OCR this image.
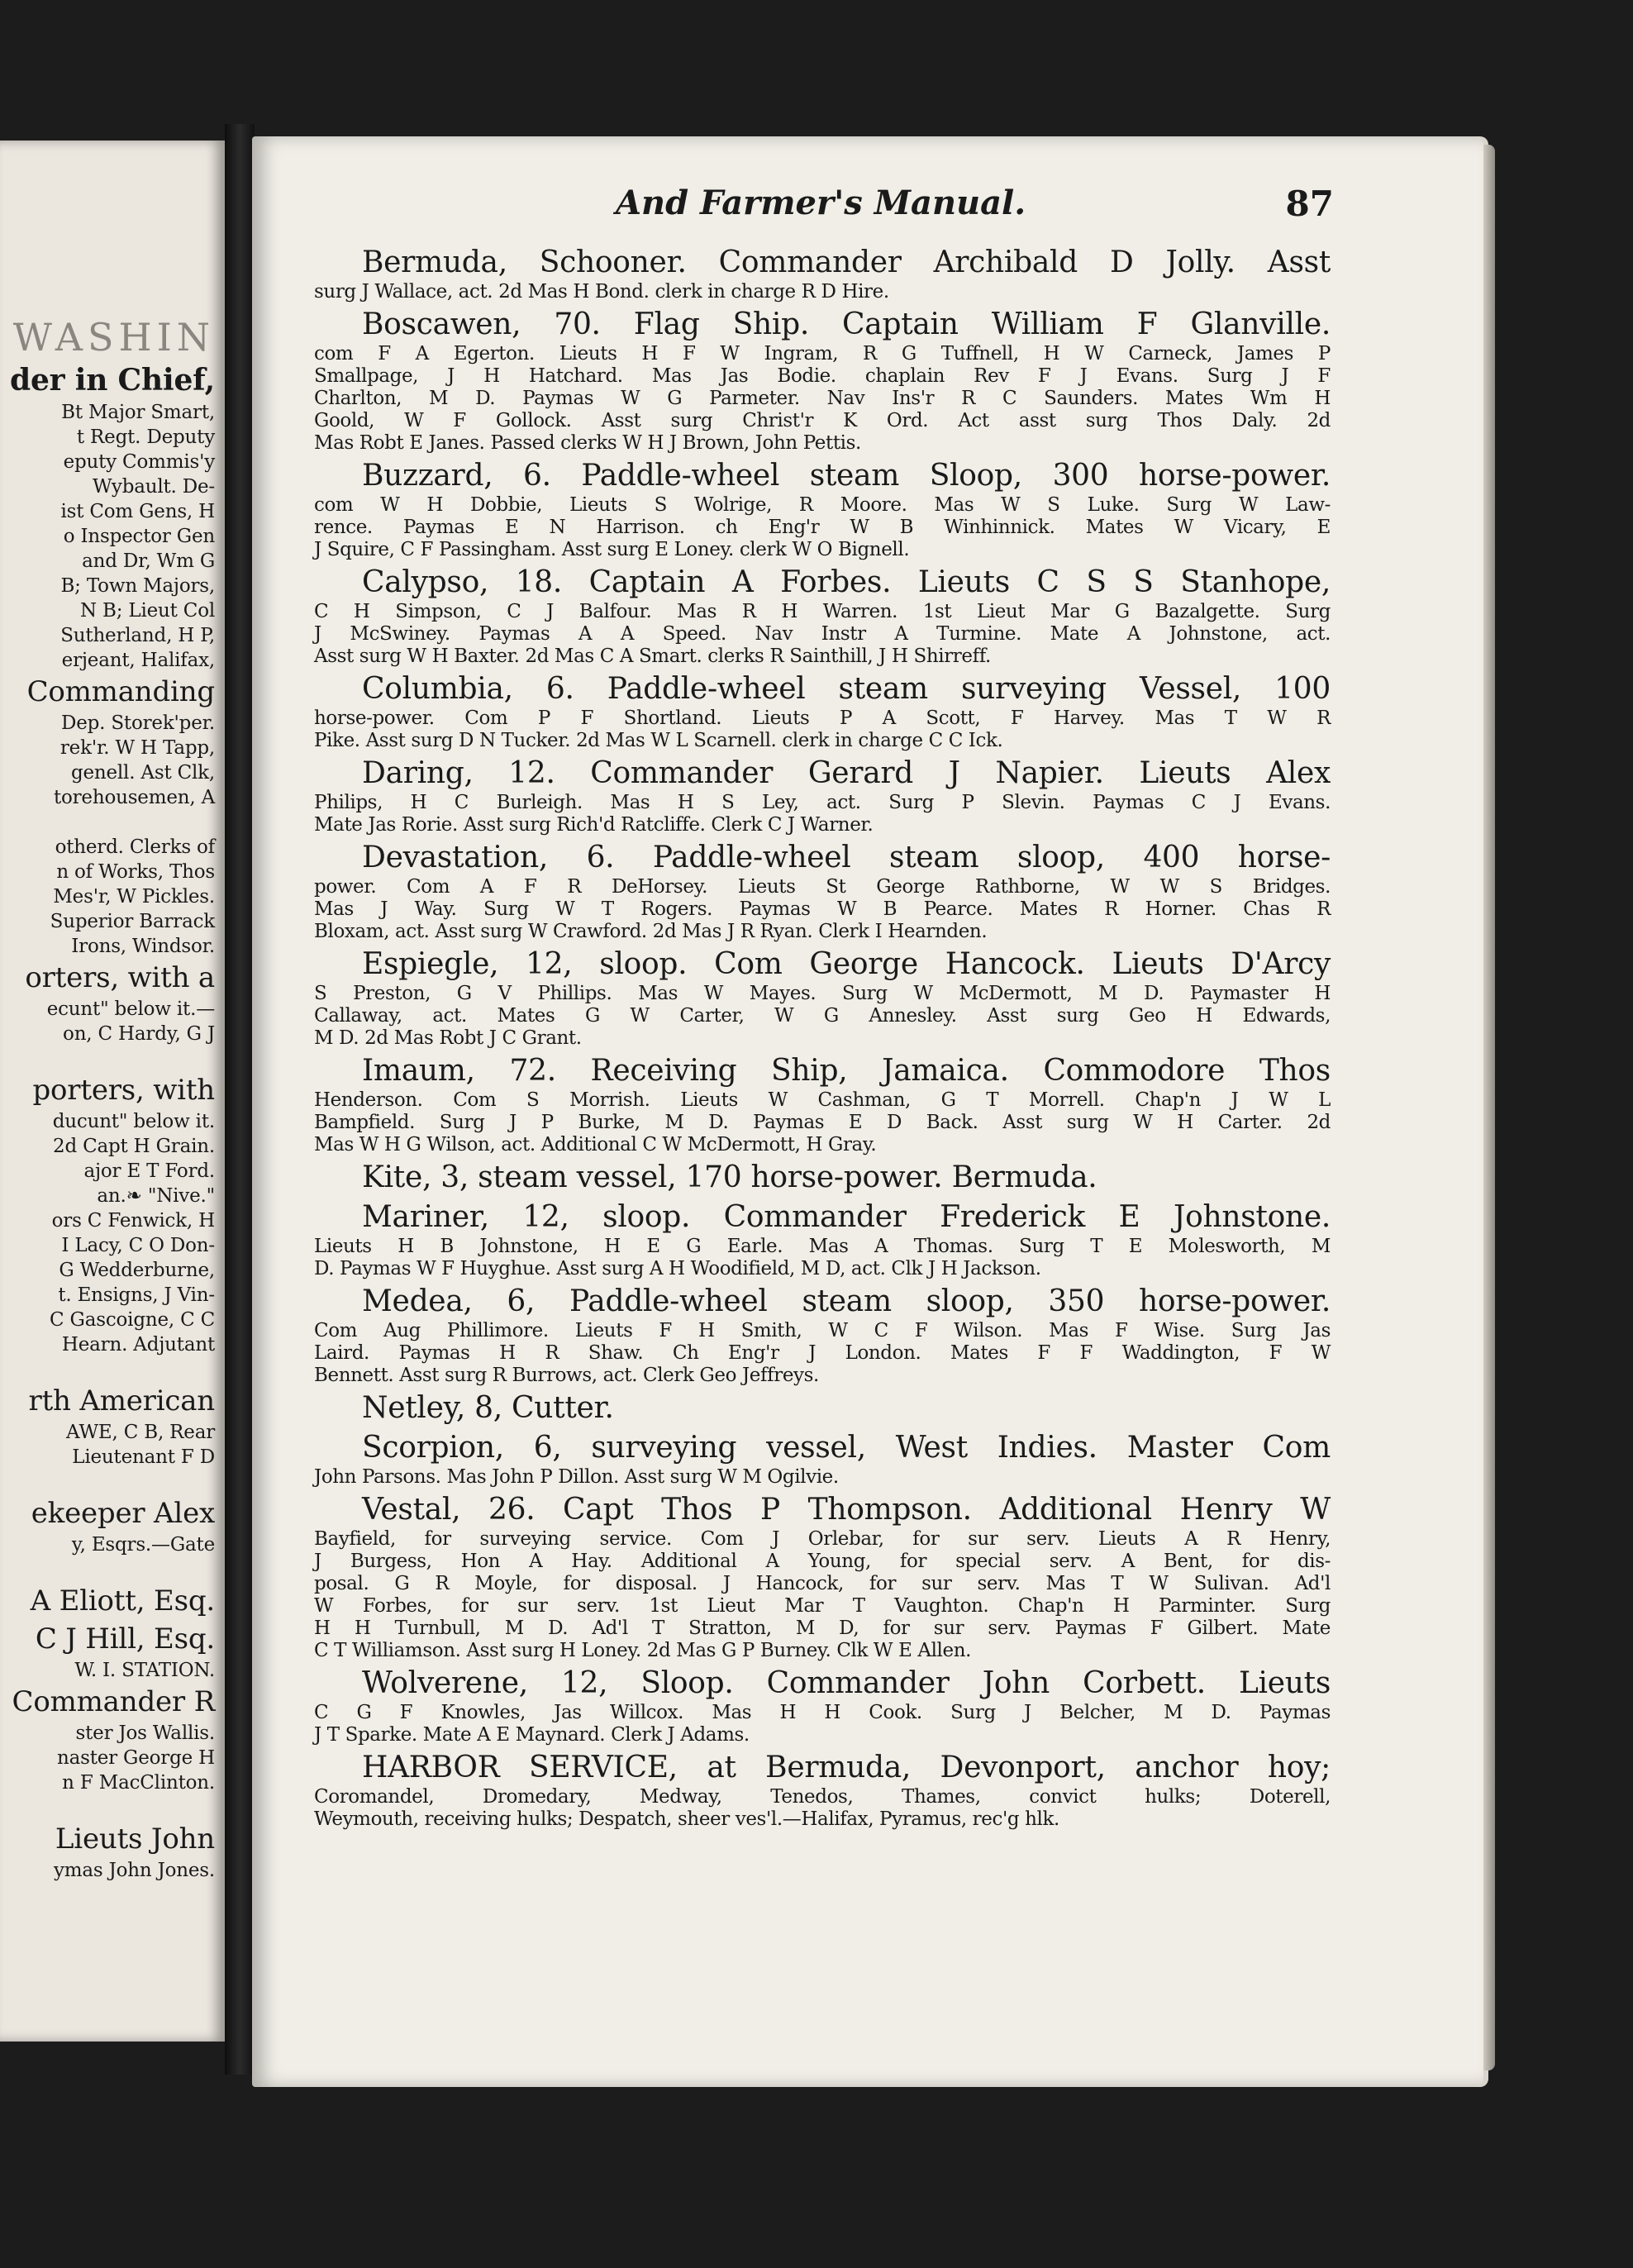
WASHIN
der in Chief,
Bt Major Smart,
t Regt. Deputy
eputy Commis'y
Wybault. De-
ist Com Gens, H
o Inspector Gen
and Dr, Wm G
B; Town Majors,
N B; Lieut Col
Sutherland, H P,
erjeant, Halifax,
Commanding
Dep. Storek'per.
rek'r. W H Tapp,
genell. Ast Clk,
torehousemen, A

otherd. Clerks of
n of Works, Thos
Mes'r, W Pickles.
Superior Barrack
Irons, Windsor.
orters, with a
ecunt" below it.—
on, C Hardy, G J

porters, with
ducunt" below it.
2d Capt H Grain.
ajor E T Ford.
an.❧ "Nive."
ors C Fenwick, H
I Lacy, C O Don-
G Wedderburne,
t. Ensigns, J Vin-
C Gascoigne, C C
Hearn. Adjutant

rth American
AWE, C B, Rear
Lieutenant F D

ekeeper Alex
y, Esqrs.—Gate

A Eliott, Esq.
C J Hill, Esq.
W. I. STATION.
Commander R
ster Jos Wallis.
naster George H
n F MacClinton.

Lieuts John
ymas John Jones.
And Farmer's Manual.	87
Bermuda, Schooner. Commander Archibald D Jolly. Asst
surg J Wallace, act. 2d Mas H Bond. clerk in charge R D Hire.
Boscawen, 70. Flag Ship. Captain William F Glanville.
com F A Egerton. Lieuts H F W Ingram, R G Tuffnell, H W Carneck, James P
Smallpage, J H Hatchard. Mas Jas Bodie. chaplain Rev F J Evans. Surg J F
Charlton, M D. Paymas W G Parmeter. Nav Ins'r R C Saunders. Mates Wm H
Goold, W F Gollock. Asst surg Christ'r K Ord. Act asst surg Thos Daly. 2d
Mas Robt E Janes. Passed clerks W H J Brown, John Pettis.
Buzzard, 6. Paddle-wheel steam Sloop, 300 horse-power.
com W H Dobbie, Lieuts S Wolrige, R Moore. Mas W S Luke. Surg W Law-
rence. Paymas E N Harrison. ch Eng'r W B Winhinnick. Mates W Vicary, E
J Squire, C F Passingham. Asst surg E Loney. clerk W O Bignell.
Calypso, 18. Captain A Forbes. Lieuts C S S Stanhope,
C H Simpson, C J Balfour. Mas R H Warren. 1st Lieut Mar G Bazalgette. Surg
J McSwiney. Paymas A A Speed. Nav Instr A Turmine. Mate A Johnstone, act.
Asst surg W H Baxter. 2d Mas C A Smart. clerks R Sainthill, J H Shirreff.
Columbia, 6. Paddle-wheel steam surveying Vessel, 100
horse-power. Com P F Shortland. Lieuts P A Scott, F Harvey. Mas T W R
Pike. Asst surg D N Tucker. 2d Mas W L Scarnell. clerk in charge C C Ick.
Daring, 12. Commander Gerard J Napier. Lieuts Alex
Philips, H C Burleigh. Mas H S Ley, act. Surg P Slevin. Paymas C J Evans.
Mate Jas Rorie. Asst surg Rich'd Ratcliffe. Clerk C J Warner.
Devastation, 6. Paddle-wheel steam sloop, 400 horse-
power. Com A F R DeHorsey. Lieuts St George Rathborne, W W S Bridges.
Mas J Way. Surg W T Rogers. Paymas W B Pearce. Mates R Horner. Chas R
Bloxam, act. Asst surg W Crawford. 2d Mas J R Ryan. Clerk I Hearnden.
Espiegle, 12, sloop. Com George Hancock. Lieuts D'Arcy
S Preston, G V Phillips. Mas W Mayes. Surg W McDermott, M D. Paymaster H
Callaway, act. Mates G W Carter, W G Annesley. Asst surg Geo H Edwards,
M D. 2d Mas Robt J C Grant.
Imaum, 72. Receiving Ship, Jamaica. Commodore Thos
Henderson. Com S Morrish. Lieuts W Cashman, G T Morrell. Chap'n J W L
Bampfield. Surg J P Burke, M D. Paymas E D Back. Asst surg W H Carter. 2d
Mas W H G Wilson, act. Additional C W McDermott, H Gray.
Kite, 3, steam vessel, 170 horse-power. Bermuda.
Mariner, 12, sloop. Commander Frederick E Johnstone.
Lieuts H B Johnstone, H E G Earle. Mas A Thomas. Surg T E Molesworth, M
D. Paymas W F Huyghue. Asst surg A H Woodifield, M D, act. Clk J H Jackson.
Medea, 6, Paddle-wheel steam sloop, 350 horse-power.
Com Aug Phillimore. Lieuts F H Smith, W C F Wilson. Mas F Wise. Surg Jas
Laird. Paymas H R Shaw. Ch Eng'r J London. Mates F F Waddington, F W
Bennett. Asst surg R Burrows, act. Clerk Geo Jeffreys.
Netley, 8, Cutter.
Scorpion, 6, surveying vessel, West Indies. Master Com
John Parsons. Mas John P Dillon. Asst surg W M Ogilvie.
Vestal, 26. Capt Thos P Thompson. Additional Henry W
Bayfield, for surveying service. Com J Orlebar, for sur serv. Lieuts A R Henry,
J Burgess, Hon A Hay. Additional A Young, for special serv. A Bent, for dis-
posal. G R Moyle, for disposal. J Hancock, for sur serv. Mas T W Sulivan. Ad'l
W Forbes, for sur serv. 1st Lieut Mar T Vaughton. Chap'n H Parminter. Surg
H H Turnbull, M D. Ad'l T Stratton, M D, for sur serv. Paymas F Gilbert. Mate
C T Williamson. Asst surg H Loney. 2d Mas G P Burney. Clk W E Allen.
Wolverene, 12, Sloop. Commander John Corbett. Lieuts
C G F Knowles, Jas Willcox. Mas H H Cook. Surg J Belcher, M D. Paymas
J T Sparke. Mate A E Maynard. Clerk J Adams.
HARBOR SERVICE, at Bermuda, Devonport, anchor hoy;
Coromandel, Dromedary, Medway, Tenedos, Thames, convict hulks; Doterell,
Weymouth, receiving hulks; Despatch, sheer ves'l.—Halifax, Pyramus, rec'g hlk.
